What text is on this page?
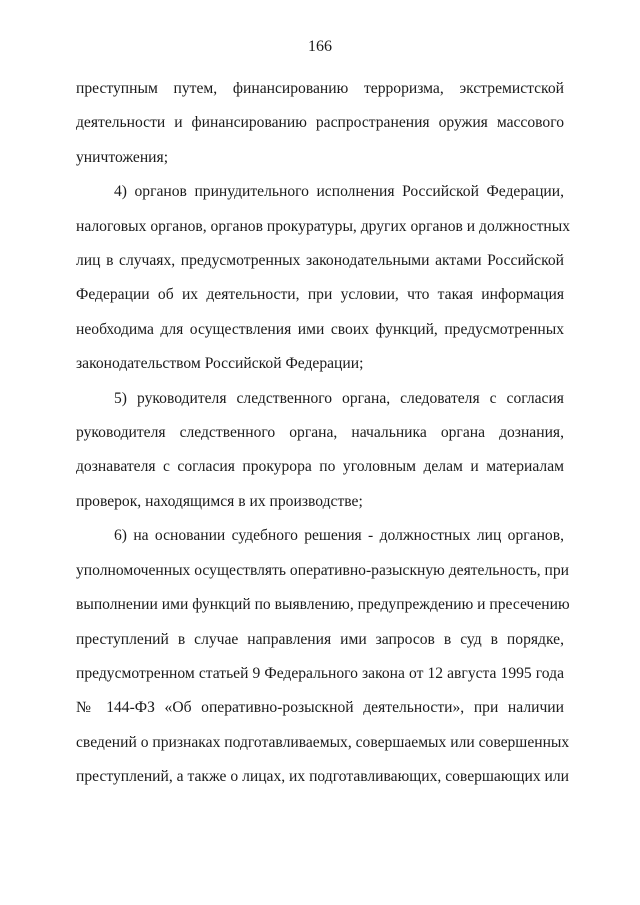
166

преступным путем, финансированию терроризма, экстремистской
деятельности и финансированию распространения оружия массового
уничтожения;

4) органов принудительного исполнения Российской Федерации,
налоговых органов, органов прокуратуры, других органов и должностных
лиц в случаях, предусмотренных законодательными актами Российской
Федерации об их деятельности, при условии, что такая информация
необходима для осуществления ими своих функций, предусмотренных
законодательством Российской Федерации;

5) руководителя следственного органа, следователя с согласия
руководителя следственного органа, начальника органа дознания,
дознавателя с согласия прокурора по уголовным делам и материалам
проверок, находящимся в их производстве;

6) на основании судебного решения - должностных лиц органов,
уполномоченных осуществлять оперативно-разыскную деятельность, при
выполнении ими функций по выявлению, предупреждению и пресечению
преступлений в случае направления ими запросов в суд в порядке,
предусмотренном статьей 9 Федерального закона от 12 августа 1995 года
№ 144-ФЗ «Об оперативно-розыскной деятельности», при наличии
сведений о признаках подготавливаемых, совершаемых или совершенных
преступлений, а также о лицах, их подготавливающих, совершающих или
